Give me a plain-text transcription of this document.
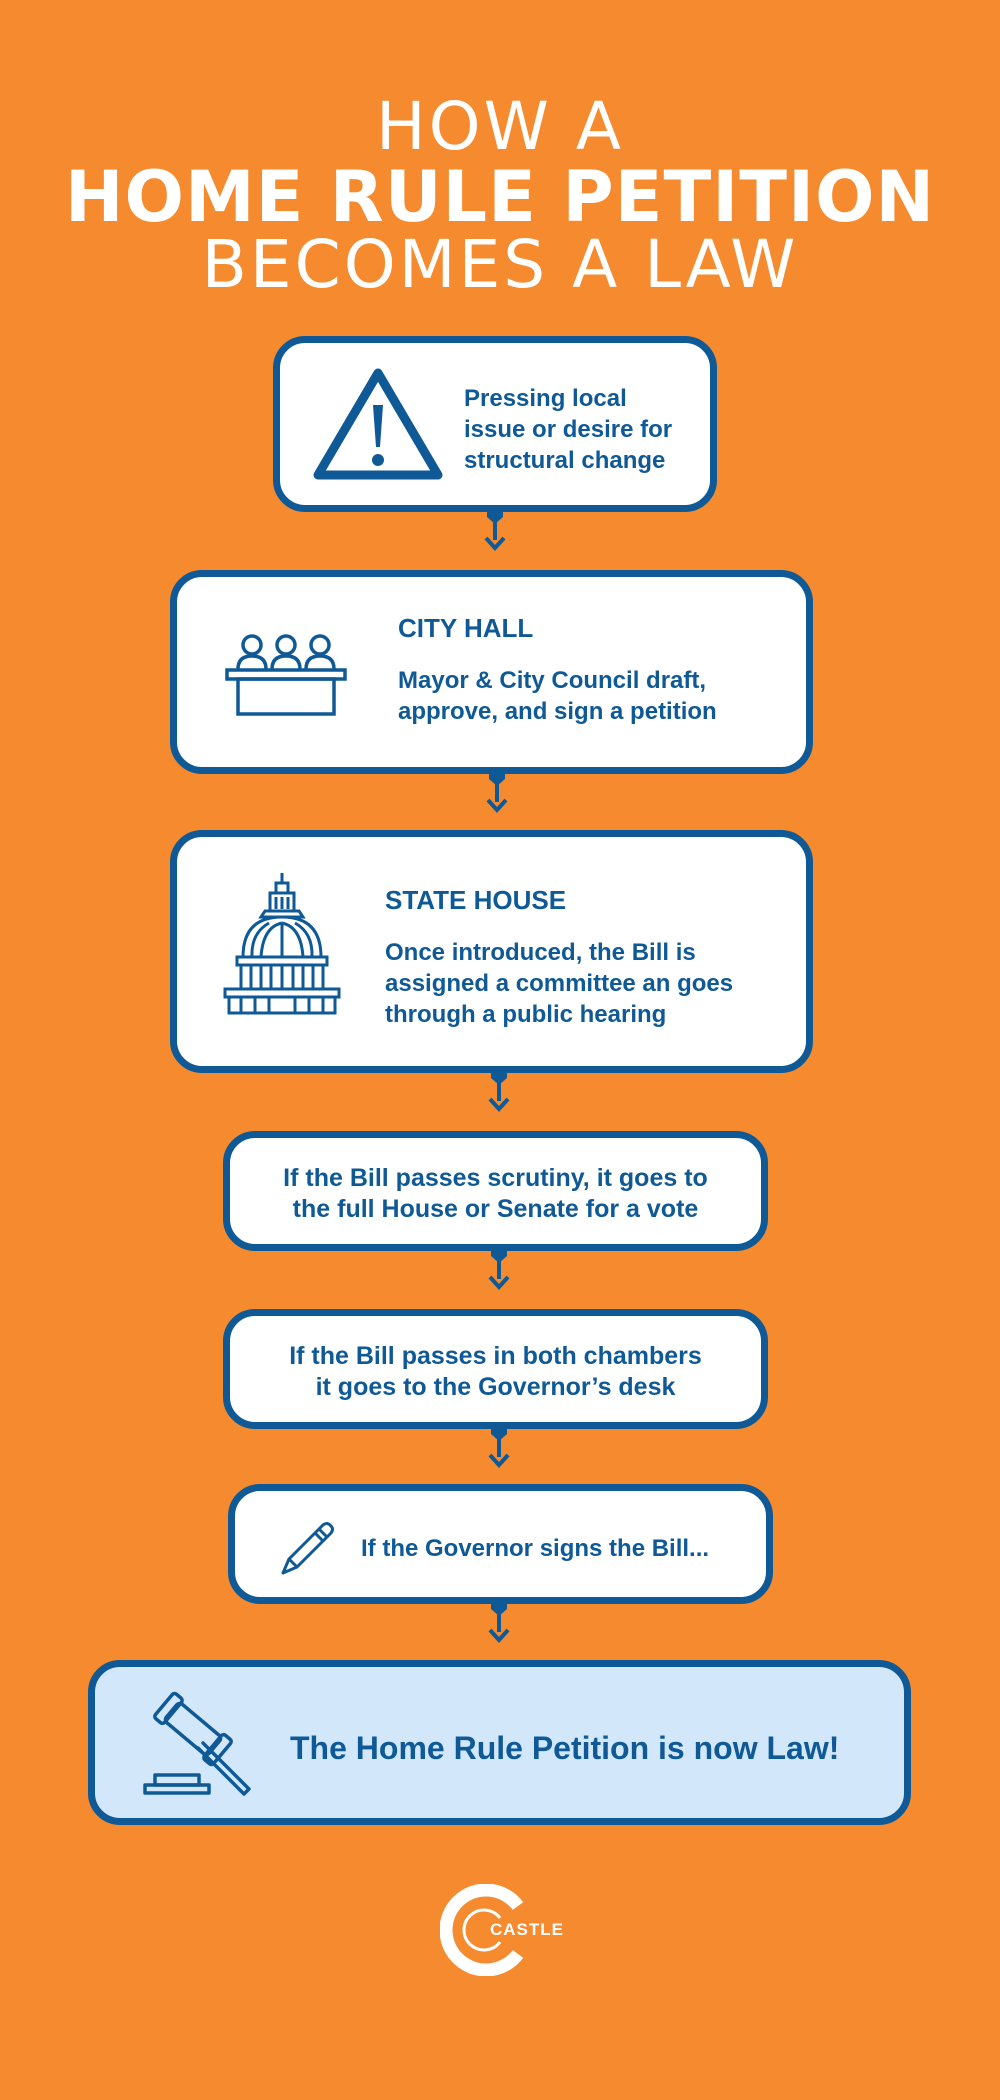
HOW A
HOME RULE PETITION
BECOMES A LAW
Pressing local
issue or desire for
structural change
CITY HALL
Mayor & City Council draft,
approve, and sign a petition
STATE HOUSE
Once introduced, the Bill is
assigned a committee an goes
through a public hearing
If the Bill passes scrutiny, it goes to
the full House or Senate for a vote
If the Bill passes in both chambers
it goes to the Governor’s desk
If the Governor signs the Bill...
The Home Rule Petition is now Law!
CASTLE
